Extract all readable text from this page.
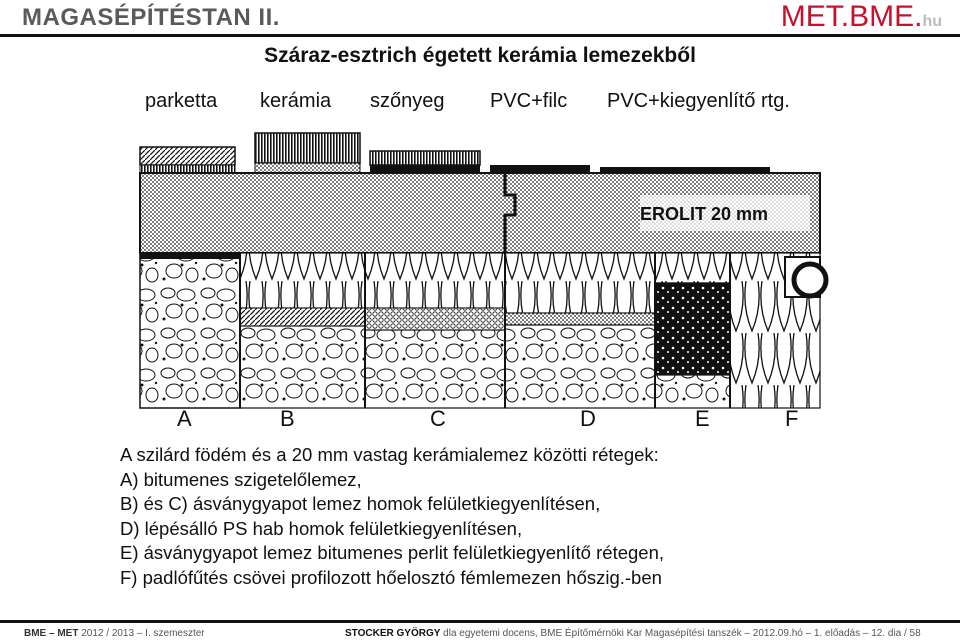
MAGASÉPÍTÉSTAN II.	MET.BME.hu
Száraz-esztrich égetett kerámia lemezekből
parketta kerámia szőnyeg PVC+filc PVC+kiegyenlítő rtg.
EROLIT 20 mm
A	B	C	D	E	F
A szilárd födém és a 20 mm vastag kerámialemez közötti rétegek:
A) bitumenes szigetelőlemez,
B) és C) ásványgyapot lemez homok felületkiegyenlítésen,
D) lépésálló PS hab homok felületkiegyenlítésen,
E) ásványgyapot lemez bitumenes perlit felületkiegyenlítő rétegen,
F) padlófűtés csövei profilozott hőelosztó fémlemezen hőszig.-ben
BME – MET 2012 / 2013 – I. szemeszter	STOCKER GYÖRGY dla egyetemi docens, BME Építőmérnöki Kar Magasépítési tanszék – 2012.09.hó – 1. előadás – 12. dia / 58
